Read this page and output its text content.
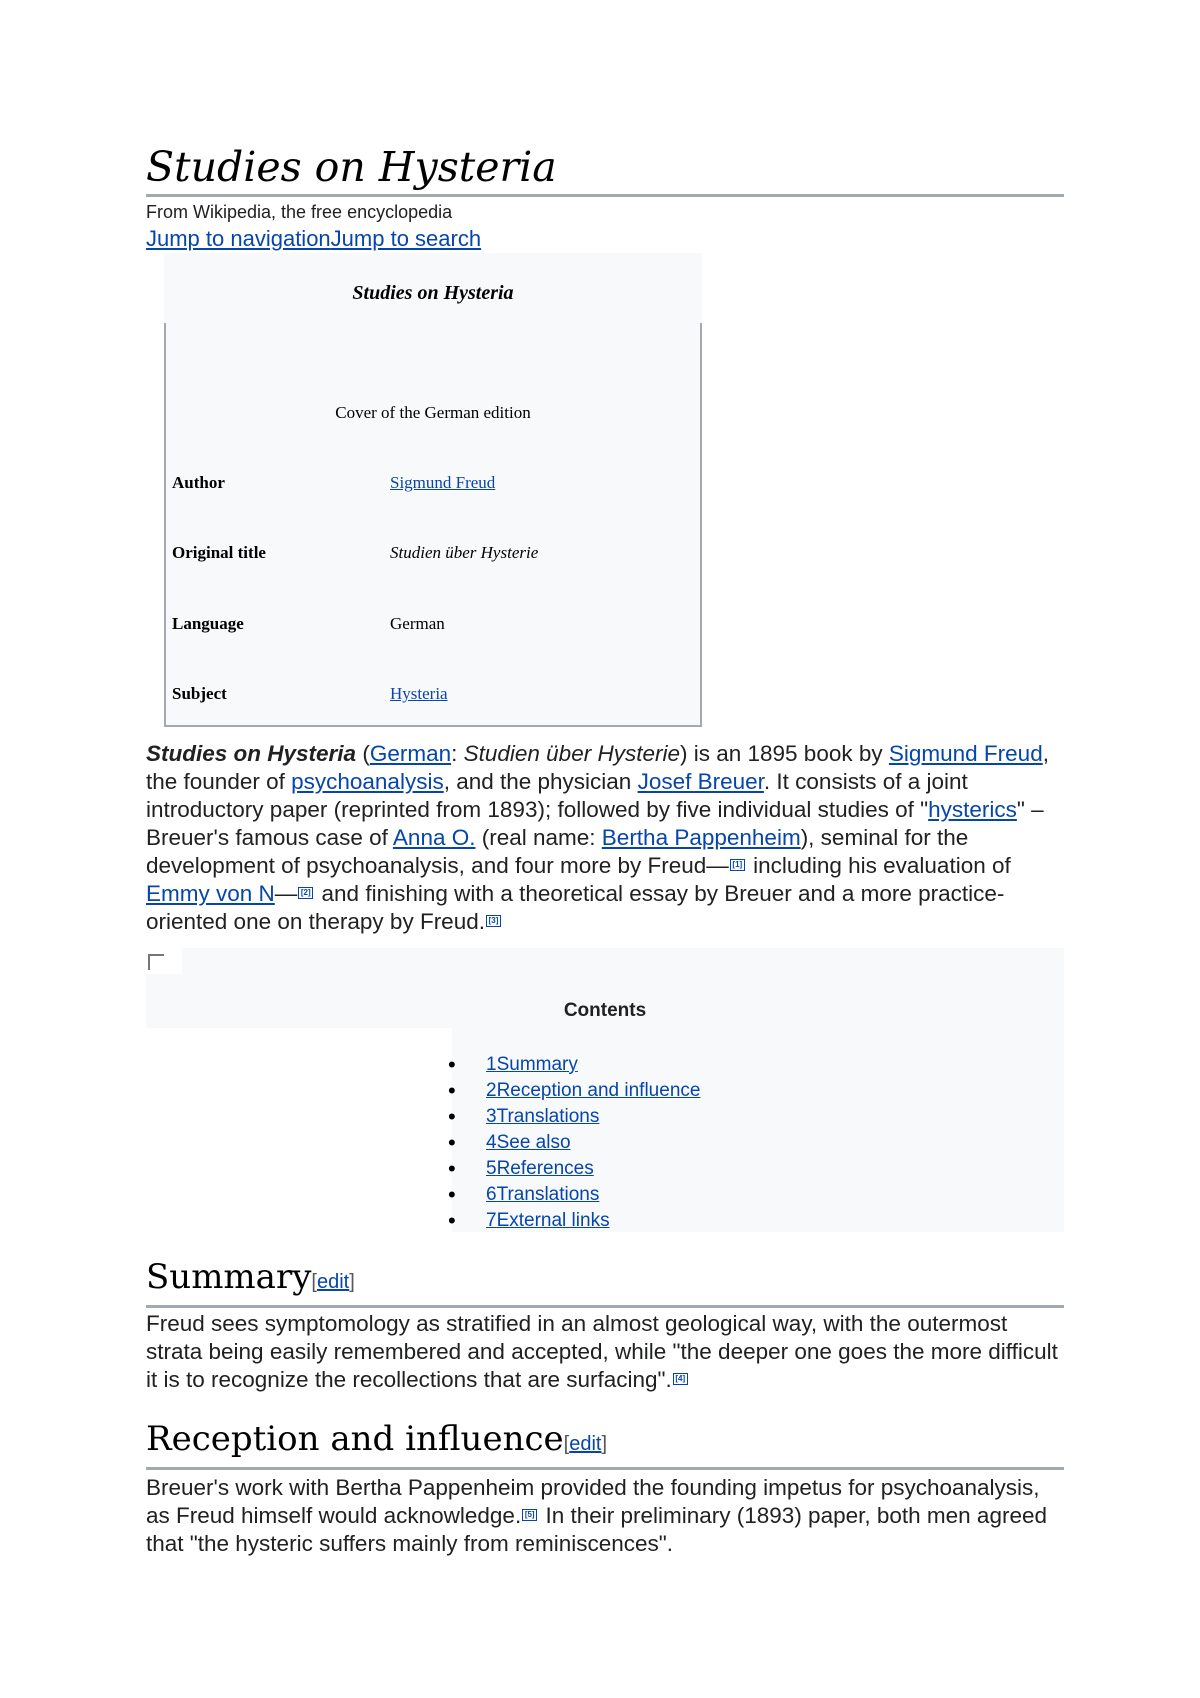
Studies on Hysteria
From Wikipedia, the free encyclopedia
Jump to navigationJump to search
Studies on Hysteria
Cover of the German edition
Author	Sigmund Freud
Original title	Studien über Hysterie
Language	German
Subject	Hysteria

Studies on Hysteria (German: Studien über Hysterie) is an 1895 book by Sigmund Freud, the founder of psychoanalysis, and the physician Josef Breuer. It consists of a joint introductory paper (reprinted from 1893); followed by five individual studies of "hysterics" – Breuer's famous case of Anna O. (real name: Bertha Pappenheim), seminal for the development of psychoanalysis, and four more by Freud— [1] including his evaluation of Emmy von N— [2] and finishing with a theoretical essay by Breuer and a more practice-oriented one on therapy by Freud. [3]

Contents
• 1Summary
• 2Reception and influence
• 3Translations
• 4See also
• 5References
• 6Translations
• 7External links
Summary[edit]

Freud sees symptomology as stratified in an almost geological way, with the outermost strata being easily remembered and accepted, while "the deeper one goes the more difficult it is to recognize the recollections that are surfacing". [4]

Reception and influence[edit]

Breuer's work with Bertha Pappenheim provided the founding impetus for psychoanalysis, as Freud himself would acknowledge. [5] In their preliminary (1893) paper, both men agreed that "the hysteric suffers mainly from reminiscences".
